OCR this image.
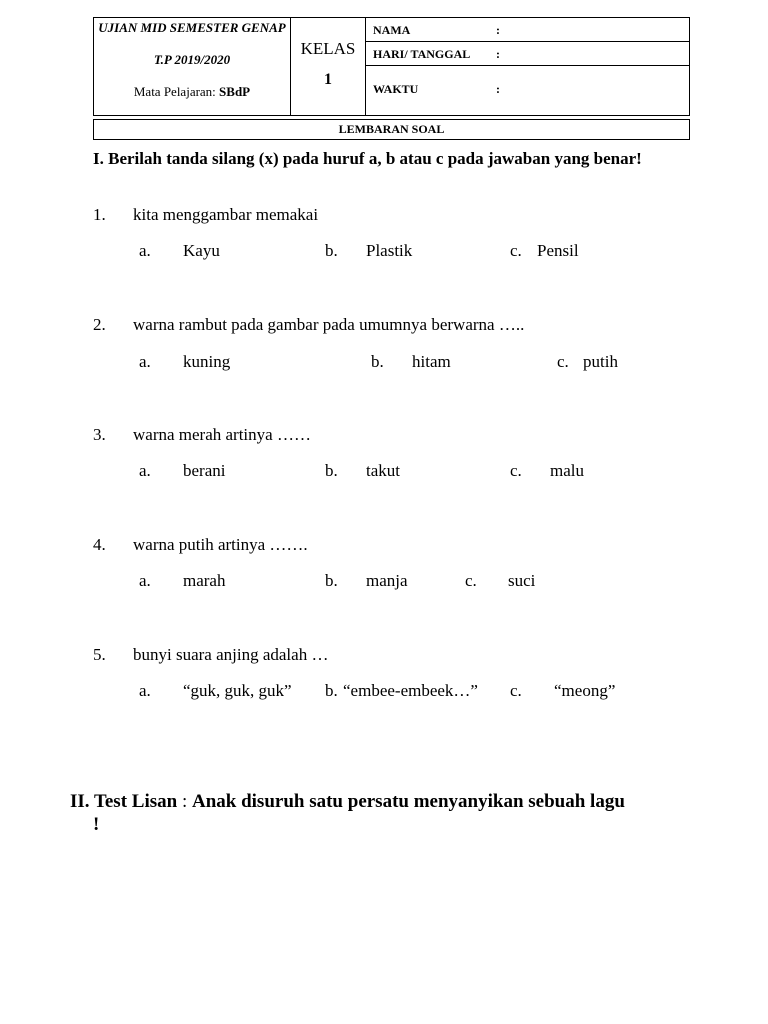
UJIAN MID SEMESTER GENAP
T.P 2019/2020
Mata Pelajaran: SBdP
KELAS
1
NAMA	:
HARI/ TANGGAL :
WAKTU	:
LEMBARAN SOAL
I. Berilah tanda silang (x) pada huruf a, b atau c pada jawaban yang benar!
1. kita menggambar memakai
a. Kayu	b. Plastik	c. Pensil
2. warna rambut pada gambar pada umumnya berwarna …..
a. kuning	b. hitam	c. putih
3. warna merah artinya ……
a. berani	b. takut	c. malu
4. warna putih artinya …….
a. marah	b. manja	c. suci
5. bunyi suara anjing adalah …
a. “guk, guk, guk” b. “embee-embeek…” c. “meong”
II. Test Lisan : Anak disuruh satu persatu menyanyikan sebuah lagu
!
